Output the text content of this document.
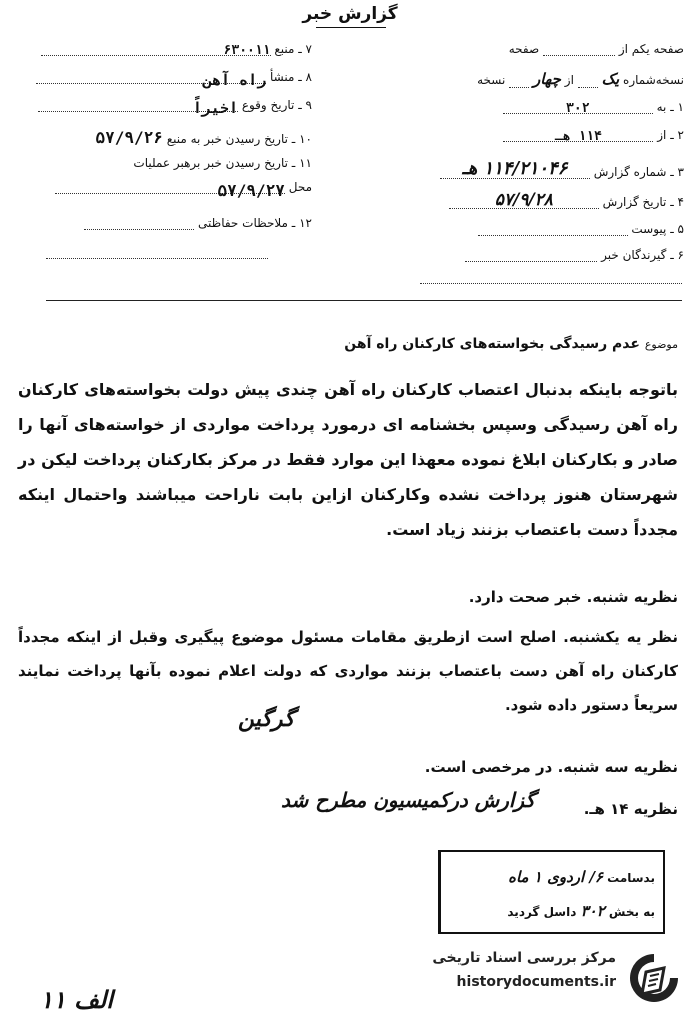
گزارش خبر
صفحه یکم از  صفحه
نسخه‌شماره یک  از چهار  نسخه
۱ ـ به ۳۰۲
۲ ـ از ۱۱۴ هـ
۳ ـ شماره گزارش ۱۱۴/۲۱۰۴۶ هـ
۴ ـ تاریخ گزارش ۵۷/۹/۲۸
۵ ـ پیوست
۶ ـ گیرندگان خبر
۷ ـ منبع ۶۳۰۰۱۱
۸ ـ منشأ راه آهن
۹ ـ تاریخ وقوع اخیراً
۱۰ ـ تاریخ رسیدن خبر به منبع ۵۷/۹/۲۶
۱۱ ـ تاریخ رسیدن خبر برهبر عملیات
محل ۵۷/۹/۲۷
۱۲ ـ ملاحظات حفاظتی
موضوع عدم رسیدگی بخواسته‌های کارکنان راه آهن
باتوجه باینکه بدنبال اعتصاب کارکنان راه آهن چندی پیش دولت بخواسته‌های کارکنان راه آهن رسیدگی وسپس بخشنامه ای درمورد پرداخت مواردی از خواسته‌های آنها را صادر و بکارکنان ابلاغ نموده معهذا این موارد فقط در مرکز بکارکنان پرداخت لیکن در شهرستان هنوز پرداخت نشده وکارکنان ازاین بابت ناراحت میباشند واحتمال اینکه مجدداً دست باعتصاب بزنند زیاد است.
نظریه شنبه. خبر صحت دارد.
نظر یه یکشنبه. اصلح است ازطریق مقامات مسئول موضوع پیگیری وقبل از اینکه مجدداً کارکنان راه آهن دست باعتصاب بزنند مواردی که دولت اعلام نموده بآنها پرداخت نمایند سریعاً دستور داده شود.
گرگین
نظریه سه شنبه. در مرخصی است.
نظریه ۱۴ هـ.
گزارش درکمیسیون مطرح شد
بدسامت ۶/ اردوی ۱ ماه
به بخش ۳۰۲ داسل گردید
۱۱ الف
مرکز بررسی اسناد تاریخی
historydocuments.ir
